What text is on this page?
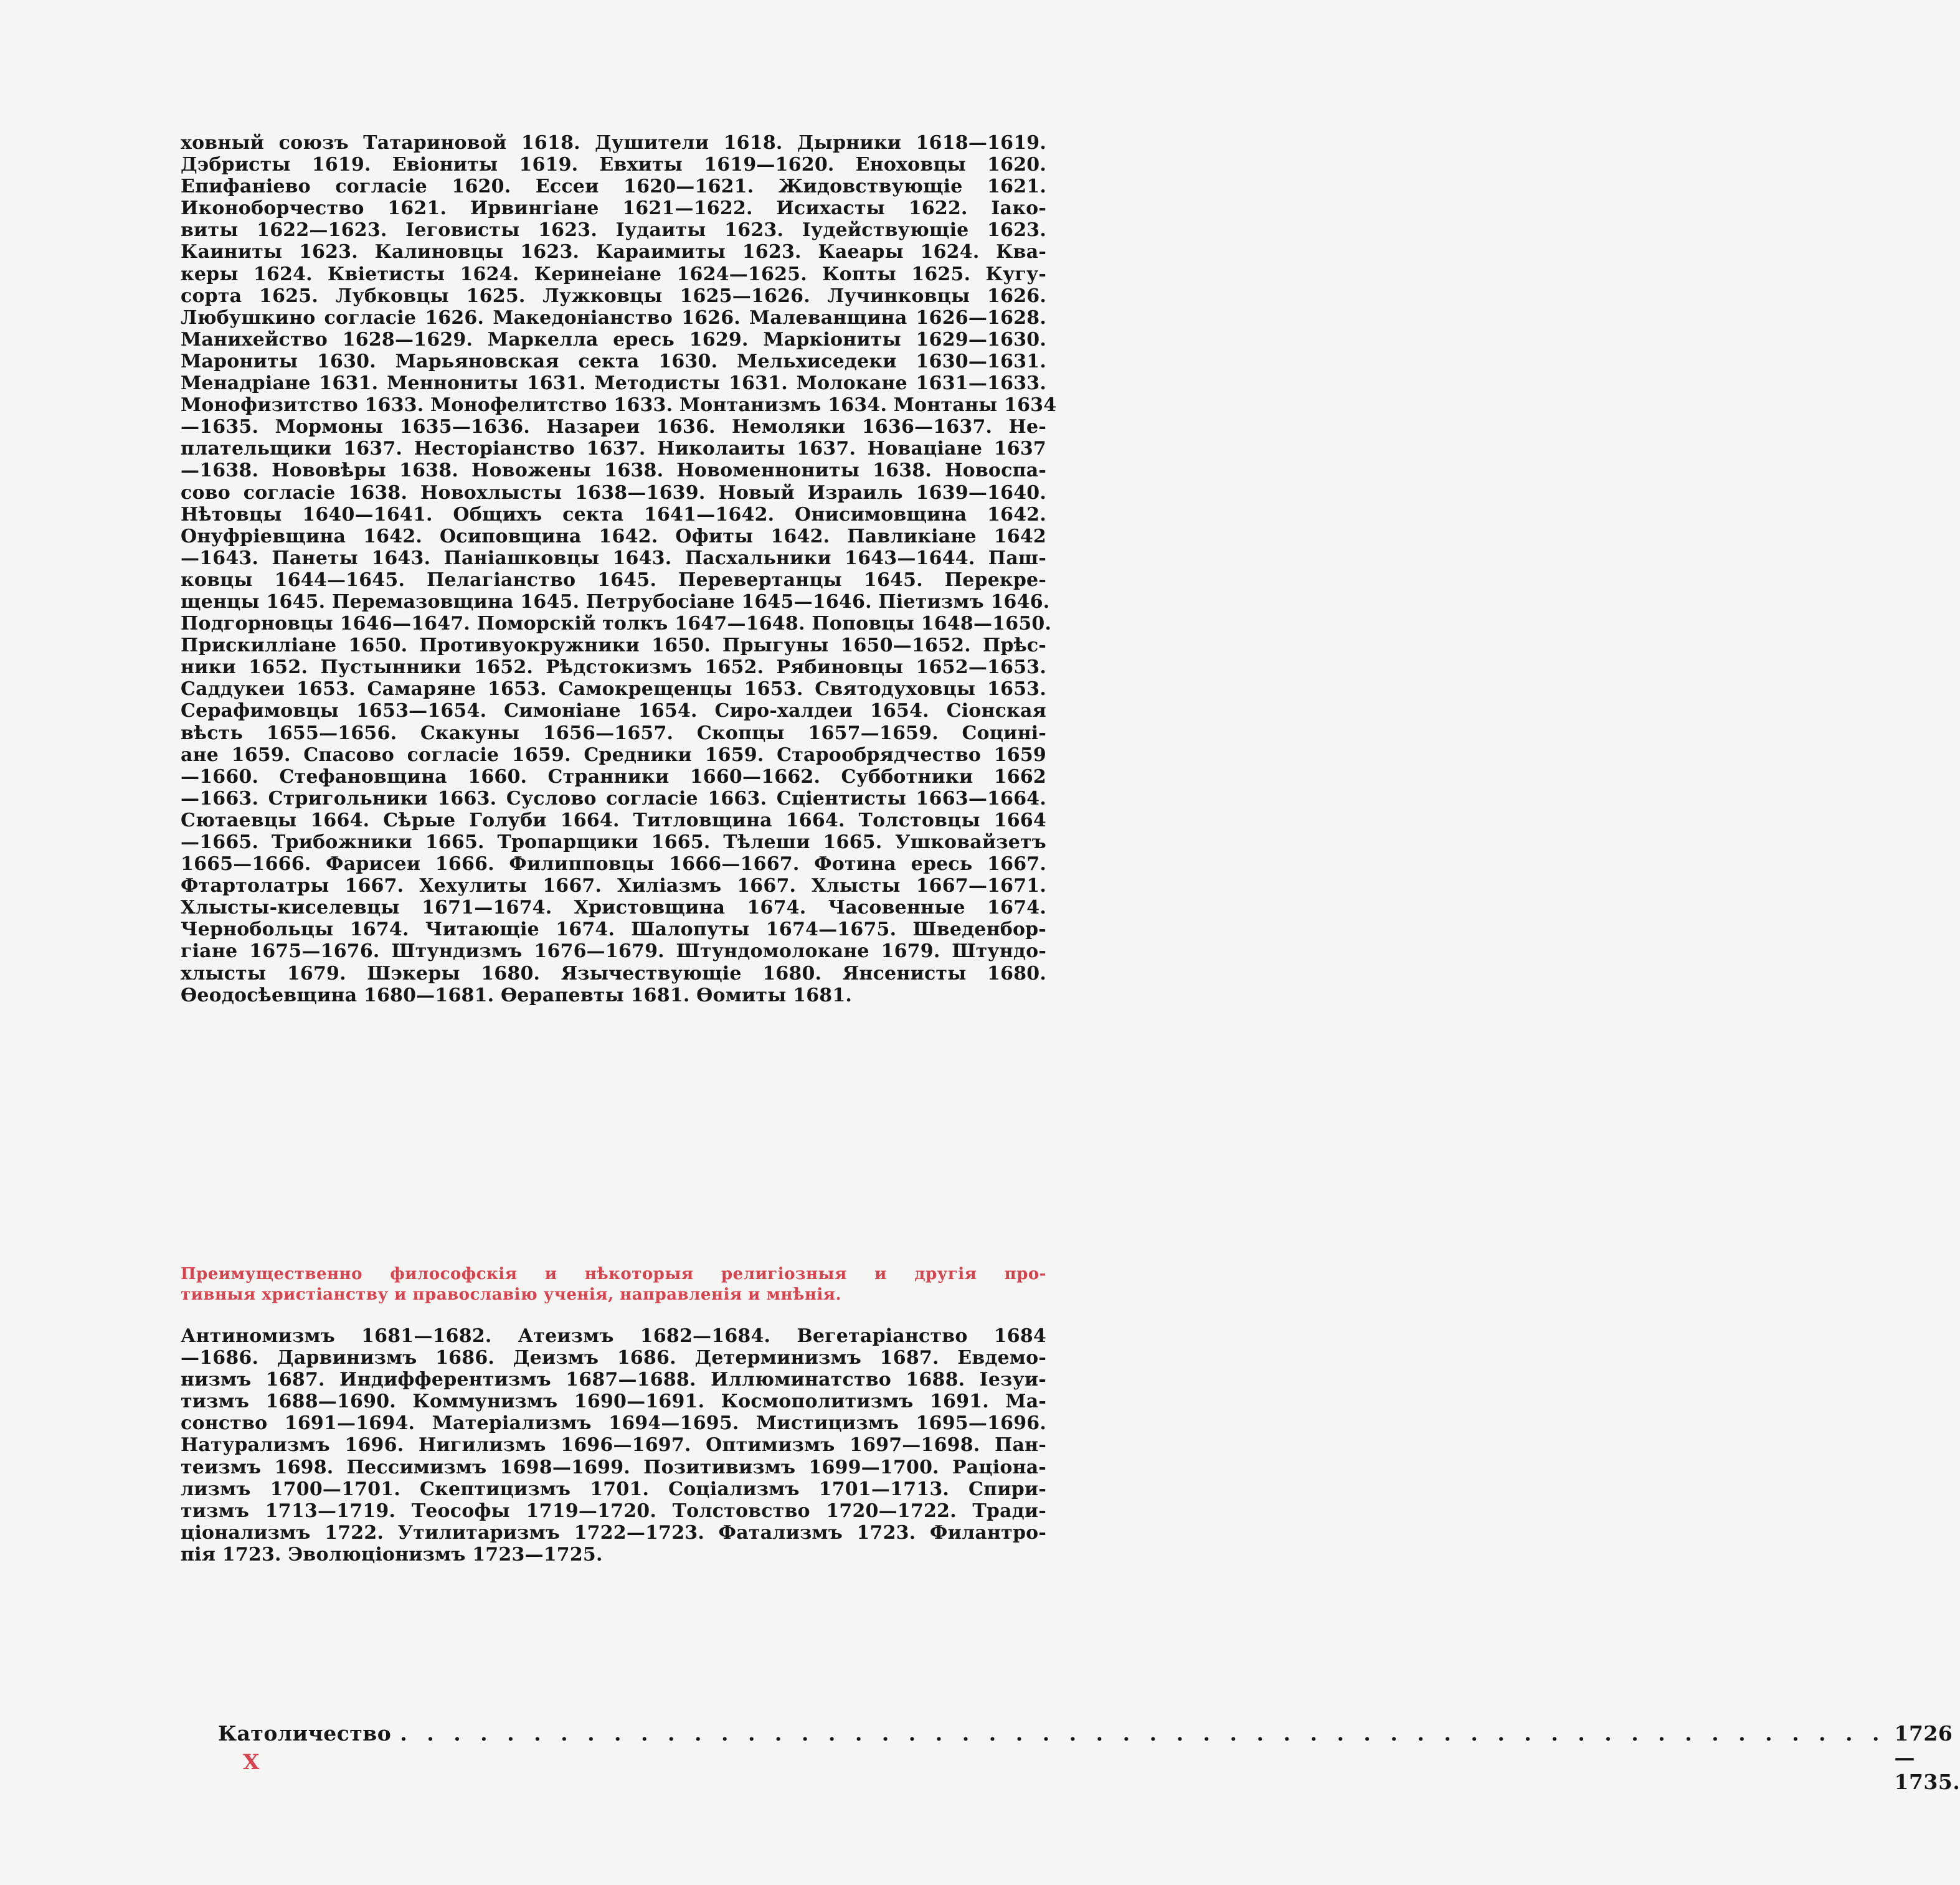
ховный союзъ Татариновой 1618. Душители 1618. Дырники 1618—1619.
Дэбристы 1619. Евіониты 1619. Евхиты 1619—1620. Еноховцы 1620.
Епифаніево согласіе 1620. Ессеи 1620—1621. Жидовствующіе 1621.
Иконоборчество 1621. Ирвингіане 1621—1622. Исихасты 1622. Іако-
виты 1622—1623. Іеговисты 1623. Іудаиты 1623. Іудействующіе 1623.
Каиниты 1623. Калиновцы 1623. Караимиты 1623. Каеары 1624. Ква-
керы 1624. Квіетисты 1624. Керинеіане 1624—1625. Копты 1625. Кугу-
сорта 1625. Лубковцы 1625. Лужковцы 1625—1626. Лучинковцы 1626.
Любушкино согласіе 1626. Македоніанство 1626. Малеванщина 1626—1628.
Манихейство 1628—1629. Маркелла ересь 1629. Маркіониты 1629—1630.
Марониты 1630. Марьяновская секта 1630. Мельхиседеки 1630—1631.
Менадріане 1631. Меннониты 1631. Методисты 1631. Молокане 1631—1633.
Монофизитство 1633. Монофелитство 1633. Монтанизмъ 1634. Монтаны 1634
—1635. Мормоны 1635—1636. Назареи 1636. Немоляки 1636—1637. Не-
плательщики 1637. Несторіанство 1637. Николаиты 1637. Новаціане 1637
—1638. Нововѣры 1638. Новожены 1638. Новоменнониты 1638. Новоспа-
сово согласіе 1638. Новохлысты 1638—1639. Новый Израиль 1639—1640.
Нѣтовцы 1640—1641. Общихъ секта 1641—1642. Онисимовщина 1642.
Онуфріевщина 1642. Осиповщина 1642. Офиты 1642. Павликіане 1642
—1643. Панеты 1643. Паніашковцы 1643. Пасхальники 1643—1644. Паш-
ковцы 1644—1645. Пелагіанство 1645. Перевертанцы 1645. Перекре-
щенцы 1645. Перемазовщина 1645. Петрубосіане 1645—1646. Піетизмъ 1646.
Подгорновцы 1646—1647. Поморскій толкъ 1647—1648. Поповцы 1648—1650.
Прискилліане 1650. Противуокружники 1650. Прыгуны 1650—1652. Прѣс-
ники 1652. Пустынники 1652. Рѣдстокизмъ 1652. Рябиновцы 1652—1653.
Саддукеи 1653. Самаряне 1653. Самокрещенцы 1653. Святодуховцы 1653.
Серафимовцы 1653—1654. Симоніане 1654. Сиро-халдеи 1654. Сіонская
вѣсть 1655—1656. Скакуны 1656—1657. Скопцы 1657—1659. Социні-
ане 1659. Спасово согласіе 1659. Средники 1659. Старообрядчество 1659
—1660. Стефановщина 1660. Странники 1660—1662. Субботники 1662
—1663. Стригольники 1663. Суслово согласіе 1663. Сціентисты 1663—1664.
Сютаевцы 1664. Сѣрые Голуби 1664. Титловщина 1664. Толстовцы 1664
—1665. Трибожники 1665. Тропарщики 1665. Тѣлеши 1665. Ушковайзетъ
1665—1666. Фарисеи 1666. Филипповцы 1666—1667. Фотина ересь 1667.
Фтартолатры 1667. Хехулиты 1667. Хиліазмъ 1667. Хлысты 1667—1671.
Хлысты-киселевцы 1671—1674. Христовщина 1674. Часовенные 1674.
Чернобольцы 1674. Читающіе 1674. Шалопуты 1674—1675. Шведенбор-
гіане 1675—1676. Штундизмъ 1676—1679. Штундомолокане 1679. Штундо-
хлысты 1679. Шэкеры 1680. Язычествующіе 1680. Янсенисты 1680.
Ѳеодосѣевщина 1680—1681. Ѳерапевты 1681. Ѳомиты 1681.
Преимущественно философскія и нѣкоторыя религіозныя и другія про-
тивныя христіанству и православію ученія, направленія и мнѣнія.
Антиномизмъ 1681—1682. Атеизмъ 1682—1684. Вегетаріанство 1684
—1686. Дарвинизмъ 1686. Деизмъ 1686. Детерминизмъ 1687. Евдемо-
низмъ 1687. Индифферентизмъ 1687—1688. Иллюминатство 1688. Іезуи-
тизмъ 1688—1690. Коммунизмъ 1690—1691. Космополитизмъ 1691. Ма-
сонство 1691—1694. Матеріализмъ 1694—1695. Мистицизмъ 1695—1696.
Натурализмъ 1696. Нигилизмъ 1696—1697. Оптимизмъ 1697—1698. Пан-
теизмъ 1698. Пессимизмъ 1698—1699. Позитивизмъ 1699—1700. Раціона-
лизмъ 1700—1701. Скептицизмъ 1701. Соціализмъ 1701—1713. Спири-
тизмъ 1713—1719. Теософы 1719—1720. Толстовство 1720—1722. Тради-
ціонализмъ 1722. Утилитаризмъ 1722—1723. Фатализмъ 1723. Филантро-
пія 1723. Эволюціонизмъ 1723—1725.
Католичество . . . . . . . . . . . . . . . . . . . . . . . . . . . . . . . . . . . . . . . . . . . . . . . . . . . . . . . . 1726—1735.
X
